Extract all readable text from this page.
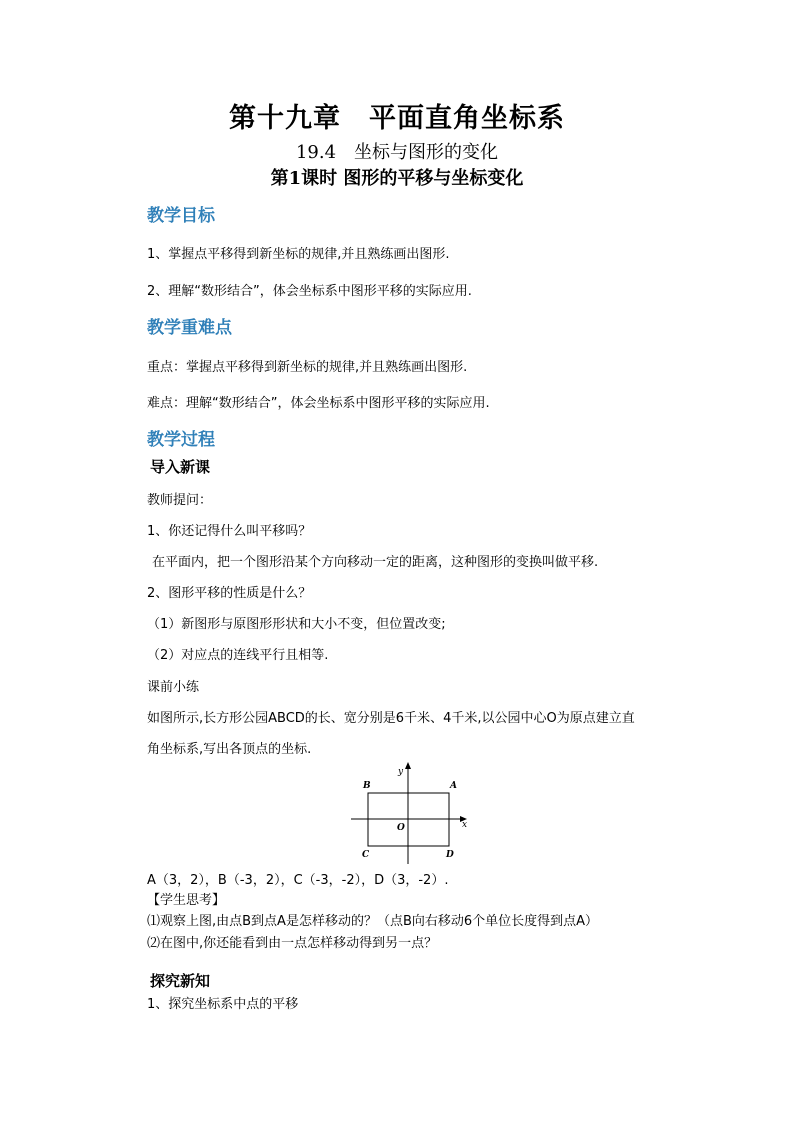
第十九章　平面直角坐标系
19.4　坐标与图形的变化
第1课时 图形的平移与坐标变化
教学目标
1、掌握点平移得到新坐标的规律,并且熟练画出图形.
2、理解“数形结合”，体会坐标系中图形平移的实际应用.
教学重难点
重点：掌握点平移得到新坐标的规律,并且熟练画出图形.
难点：理解“数形结合”，体会坐标系中图形平移的实际应用.
教学过程
导入新课
教师提问：
1、你还记得什么叫平移吗？
在平面内，把一个图形沿某个方向移动一定的距离，这种图形的变换叫做平移.
2、图形平移的性质是什么？
（1）新图形与原图形形状和大小不变，但位置改变;
（2）对应点的连线平行且相等.
课前小练
如图所示,长方形公园ABCD的长、宽分别是6千米、4千米,以公园中心O为原点建立直
角坐标系,写出各顶点的坐标.
y
x
B	A
C	D
O
A（3，2），B（-3，2），C（-3，-2），D（3，-2）.
【学生思考】
⑴观察上图,由点B到点A是怎样移动的？（点B向右移动6个单位长度得到点A）
⑵在图中,你还能看到由一点怎样移动得到另一点？
探究新知
1、探究坐标系中点的平移
